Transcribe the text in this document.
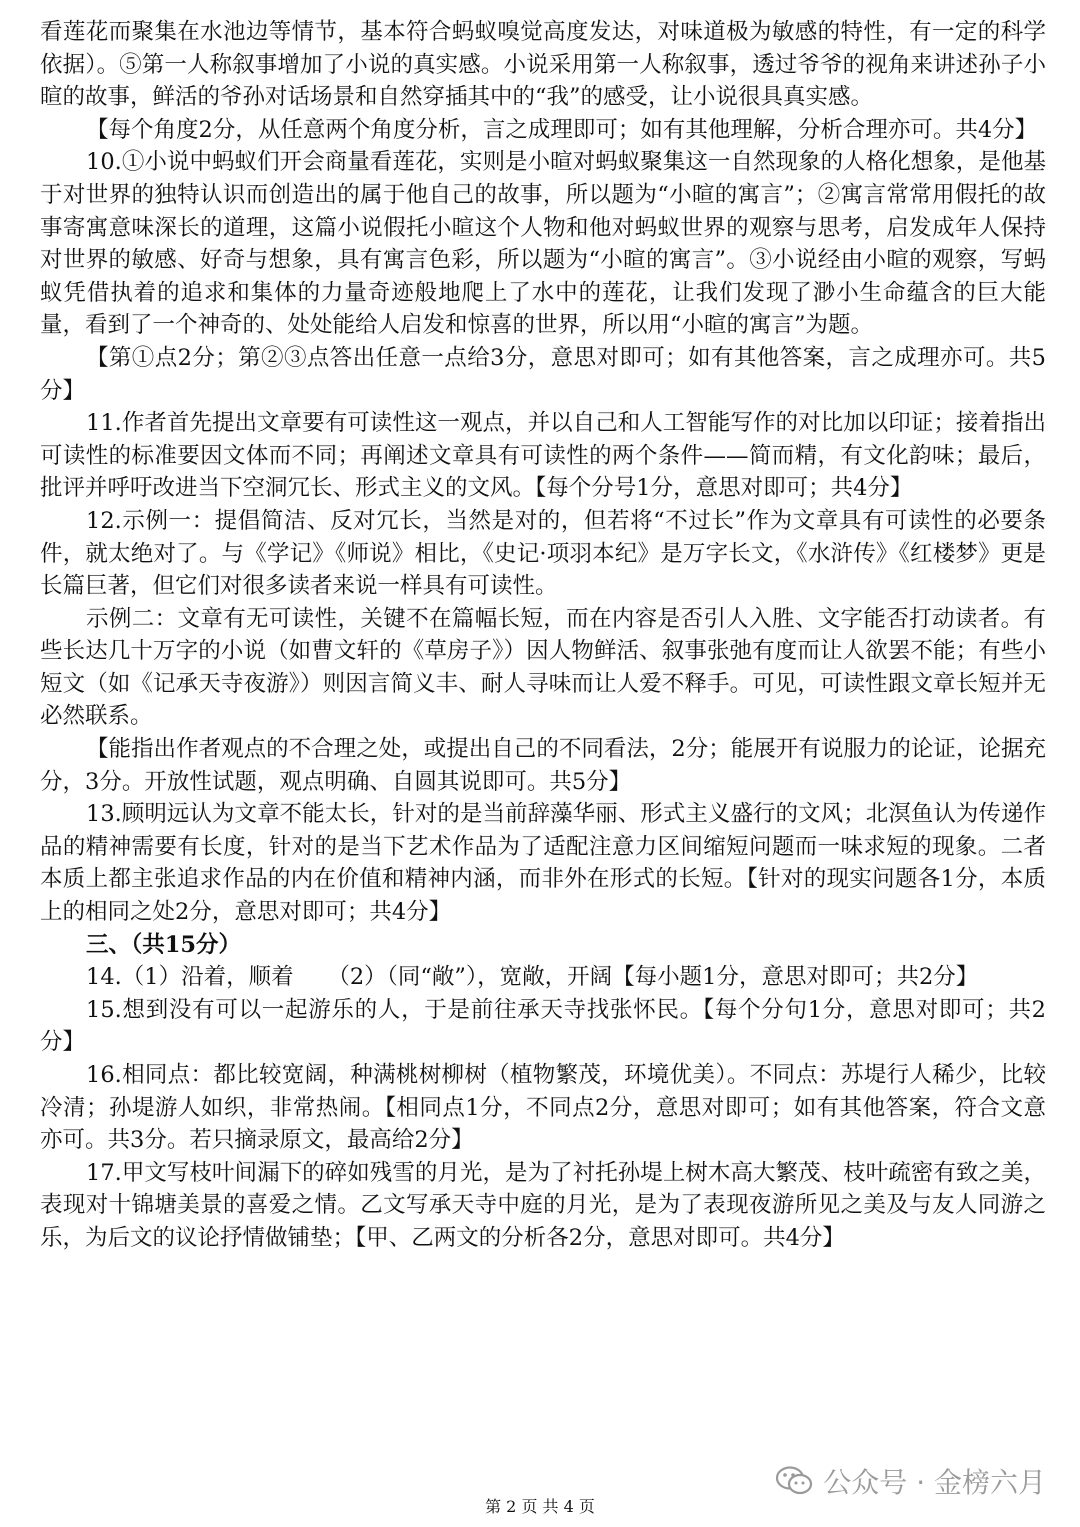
看莲花而聚集在水池边等情节，基本符合蚂蚁嗅觉高度发达，对味道极为敏感的特性，有一定的科学依据）。⑤第一人称叙事增加了小说的真实感。小说采用第一人称叙事，透过爷爷的视角来讲述孙子小暄的故事，鲜活的爷孙对话场景和自然穿插其中的“我”的感受，让小说很具真实感。

【每个角度2分，从任意两个角度分析，言之成理即可；如有其他理解，分析合理亦可。共4分】

10.①小说中蚂蚁们开会商量看莲花，实则是小暄对蚂蚁聚集这一自然现象的人格化想象，是他基于对世界的独特认识而创造出的属于他自己的故事，所以题为“小暄的寓言”；②寓言常常用假托的故事寄寓意味深长的道理，这篇小说假托小暄这个人物和他对蚂蚁世界的观察与思考，启发成年人保持对世界的敏感、好奇与想象，具有寓言色彩，所以题为“小暄的寓言”。③小说经由小暄的观察，写蚂蚁凭借执着的追求和集体的力量奇迹般地爬上了水中的莲花，让我们发现了渺小生命蕴含的巨大能量，看到了一个神奇的、处处能给人启发和惊喜的世界，所以用“小暄的寓言”为题。

【第①点2分；第②③点答出任意一点给3分，意思对即可；如有其他答案，言之成理亦可。共5分】

11.作者首先提出文章要有可读性这一观点，并以自己和人工智能写作的对比加以印证；接着指出可读性的标准要因文体而不同；再阐述文章具有可读性的两个条件——简而精，有文化韵味；最后，批评并呼吁改进当下空洞冗长、形式主义的文风。【每个分号1分，意思对即可；共4分】

12.示例一：提倡简洁、反对冗长，当然是对的，但若将“不过长”作为文章具有可读性的必要条件，就太绝对了。与《学记》《师说》相比，《史记·项羽本纪》是万字长文，《水浒传》《红楼梦》更是长篇巨著，但它们对很多读者来说一样具有可读性。

示例二：文章有无可读性，关键不在篇幅长短，而在内容是否引人入胜、文字能否打动读者。有些长达几十万字的小说（如曹文轩的《草房子》）因人物鲜活、叙事张弛有度而让人欲罢不能；有些小短文（如《记承天寺夜游》）则因言简义丰、耐人寻味而让人爱不释手。可见，可读性跟文章长短并无必然联系。

【能指出作者观点的不合理之处，或提出自己的不同看法，2分；能展开有说服力的论证，论据充分，3分。开放性试题，观点明确、自圆其说即可。共5分】

13.顾明远认为文章不能太长，针对的是当前辞藻华丽、形式主义盛行的文风；北溟鱼认为传递作品的精神需要有长度，针对的是当下艺术作品为了适配注意力区间缩短问题而一味求短的现象。二者本质上都主张追求作品的内在价值和精神内涵，而非外在形式的长短。【针对的现实问题各1分，本质上的相同之处2分，意思对即可；共4分】

三、（共15分）

14.（1）沿着，顺着　　（2）（同“敞”），宽敞，开阔【每小题1分，意思对即可；共2分】

15.想到没有可以一起游乐的人，于是前往承天寺找张怀民。【每个分句1分，意思对即可；共2分】

16.相同点：都比较宽阔，种满桃树柳树（植物繁茂，环境优美）。不同点：苏堤行人稀少，比较冷清；孙堤游人如织，非常热闹。【相同点1分，不同点2分，意思对即可；如有其他答案，符合文意亦可。共3分。若只摘录原文，最高给2分】

17.甲文写枝叶间漏下的碎如残雪的月光，是为了衬托孙堤上树木高大繁茂、枝叶疏密有致之美，表现对十锦塘美景的喜爱之情。乙文写承天寺中庭的月光，是为了表现夜游所见之美及与友人同游之乐，为后文的议论抒情做铺垫；【甲、乙两文的分析各2分，意思对即可。共4分】

公众号 · 金榜六月
第 2 页 共 4 页
